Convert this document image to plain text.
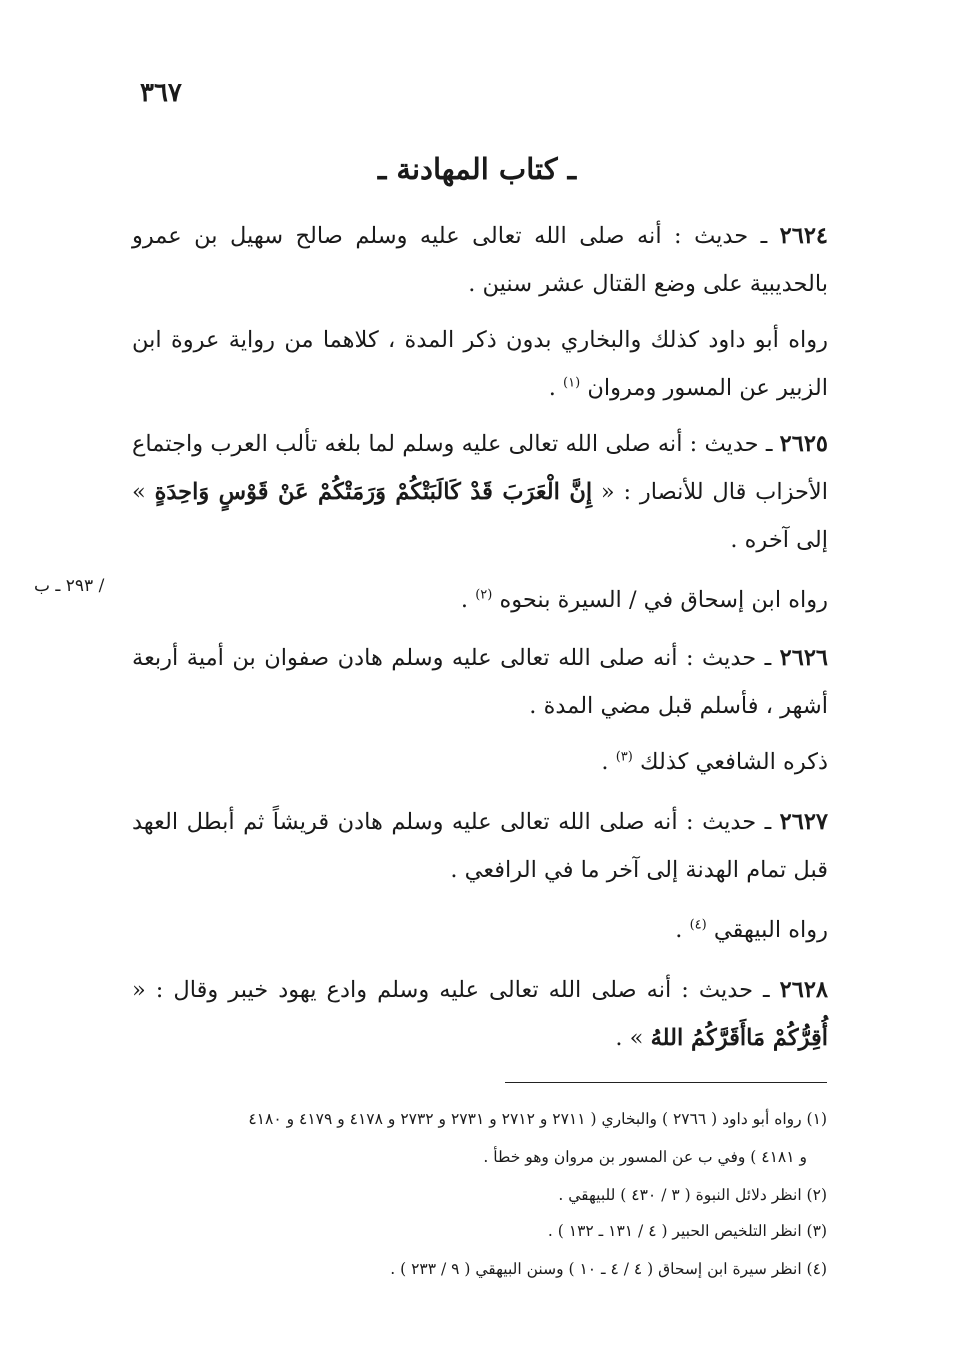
٣٦٧
/ ٢٩٣ ـ ب
ـ كتاب المهادنة ـ
٢٦٢٤ ـ حديث : أنه صلى الله تعالى عليه وسلم صالح سهيل بن عمرو بالحديبية على وضع القتال عشر سنين .
رواه أبو داود كذلك والبخاري بدون ذكر المدة ، كلاهما من رواية عروة ابن الزبير عن المسور ومروان $^{(١)}$ .
٢٦٢٥ ـ حديث : أنه صلى الله تعالى عليه وسلم لما بلغه تألب العرب واجتماع الأحزاب قال للأنصار : « إِنَّ الْعَرَبَ قَدْ كَالَبَتْكُمْ وَرَمَتْكُمْ عَنْ قَوْسٍ وَاحِدَةٍ » إلى آخره .
رواه ابن إسحاق في / السيرة بنحوه $^{(٢)}$ .
٢٦٢٦ ـ حديث : أنه صلى الله تعالى عليه وسلم هادن صفوان بن أمية أربعة أشهر ، فأسلم قبل مضي المدة .
ذكره الشافعي كذلك $^{(٣)}$ .
٢٦٢٧ ـ حديث : أنه صلى الله تعالى عليه وسلم هادن قريشاً ثم أبطل العهد قبل تمام الهدنة إلى آخر ما في الرافعي .
رواه البيهقي $^{(٤)}$ .
٢٦٢٨ ـ حديث : أنه صلى الله تعالى عليه وسلم وادع يهود خيبر وقال : « أُقِرُّكُمْ مَاأَقَرَّكُمُ اللهُ » .
(١) رواه أبو داود ( ٢٧٦٦ ) والبخاري ( ٢٧١١ و ٢٧١٢ و ٢٧٣١ و ٢٧٣٢ و ٤١٧٨ و ٤١٧٩ و ٤١٨٠
و ٤١٨١ ) وفي ب عن المسور بن مروان وهو خطأ .
(٢) انظر دلائل النبوة ( ٣ / ٤٣٠ ) للبيهقي .
(٣) انظر التلخيص الحبير ( ٤ / ١٣١ ـ ١٣٢ ) .
(٤) انظر سيرة ابن إسحاق ( ٤ / ٤ ـ ١٠ ) وسنن البيهقي ( ٩ / ٢٣٣ ) .
